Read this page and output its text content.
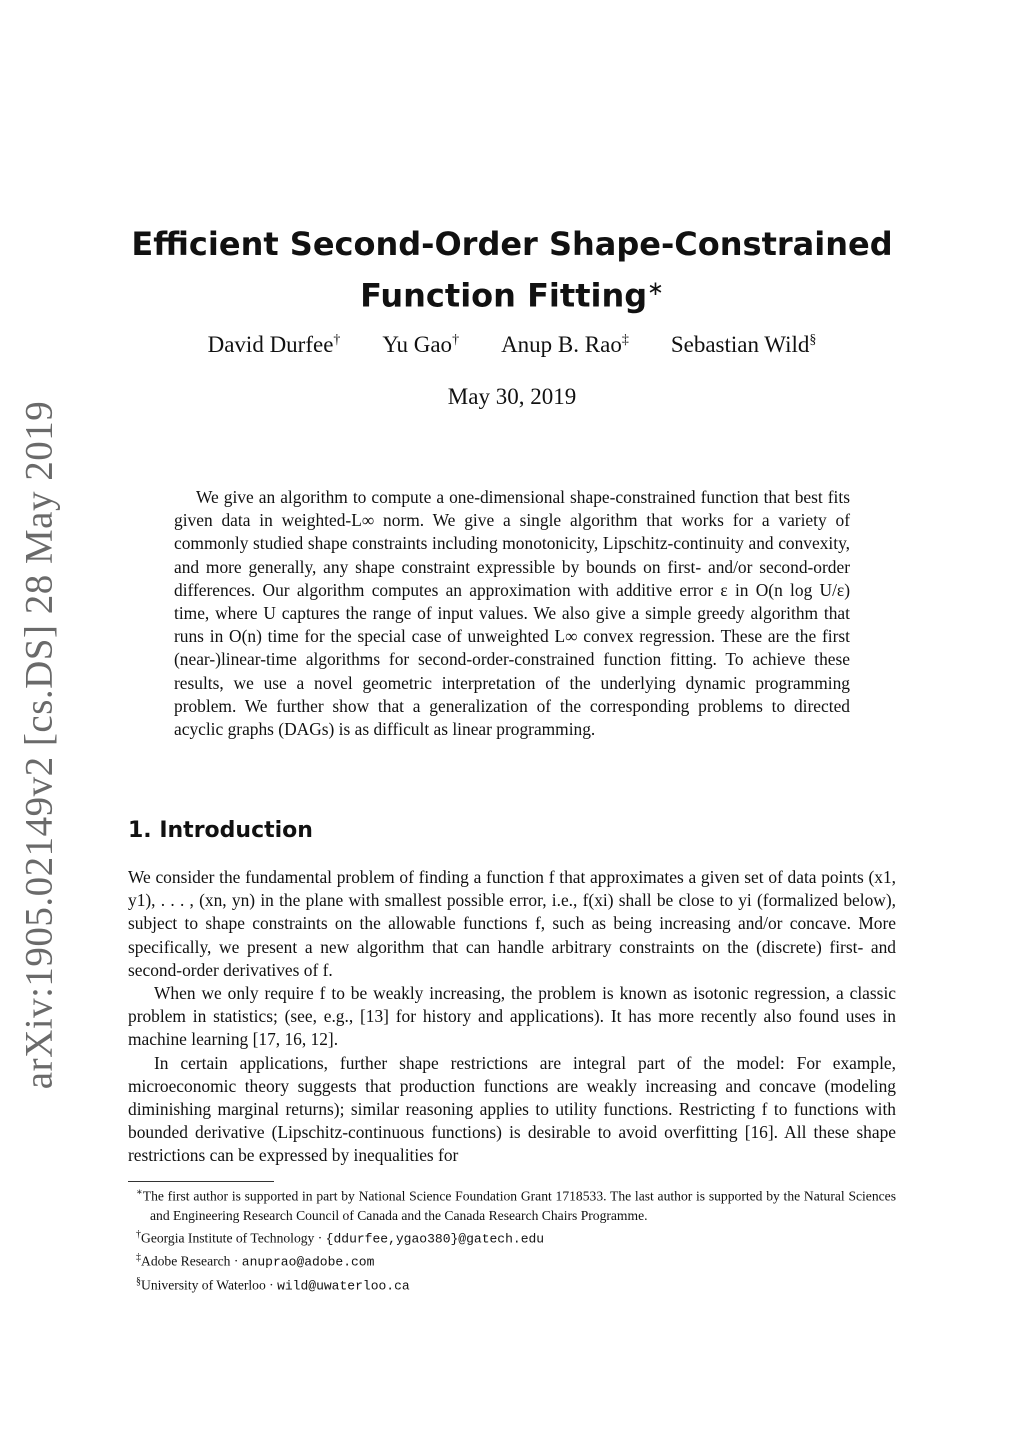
arXiv:1905.02149v2 [cs.DS] 28 May 2019
Efficient Second-Order Shape-Constrained
Function Fitting∗
David Durfee† Yu Gao† Anup B. Rao‡ Sebastian Wild§
May 30, 2019

We give an algorithm to compute a one-dimensional shape-constrained function that best fits given data in weighted-L∞ norm. We give a single algorithm that works for a variety of commonly studied shape constraints including monotonicity, Lipschitz-continuity and convexity, and more generally, any shape constraint expressible by bounds on first- and/or second-order differences. Our algorithm computes an approximation with additive error ε in O(n log U/ε) time, where U captures the range of input values. We also give a simple greedy algorithm that runs in O(n) time for the special case of unweighted L∞ convex regression. These are the first (near-)linear-time algorithms for second-order-constrained function fitting. To achieve these results, we use a novel geometric interpretation of the underlying dynamic programming problem. We further show that a generalization of the corresponding problems to directed acyclic graphs (DAGs) is as difficult as linear programming.

1. Introduction

We consider the fundamental problem of finding a function f that approximates a given set of data points (x1, y1), . . . , (xn, yn) in the plane with smallest possible error, i.e., f(xi) shall be close to yi (formalized below), subject to shape constraints on the allowable functions f, such as being increasing and/or concave. More specifically, we present a new algorithm that can handle arbitrary constraints on the (discrete) first- and second-order derivatives of f.

When we only require f to be weakly increasing, the problem is known as isotonic regression, a classic problem in statistics; (see, e.g., [13] for history and applications). It has more recently also found uses in machine learning [17, 16, 12].

In certain applications, further shape restrictions are integral part of the model: For example, microeconomic theory suggests that production functions are weakly increasing and concave (modeling diminishing marginal returns); similar reasoning applies to utility functions. Restricting f to functions with bounded derivative (Lipschitz-continuous functions) is desirable to avoid overfitting [16]. All these shape restrictions can be expressed by inequalities for

∗The first author is supported in part by National Science Foundation Grant 1718533. The last author is supported by the Natural Sciences and Engineering Research Council of Canada and the Canada Research Chairs Programme.

†Georgia Institute of Technology · {ddurfee,ygao380}@gatech.edu

‡Adobe Research · anuprao@adobe.com

§University of Waterloo · wild@uwaterloo.ca
